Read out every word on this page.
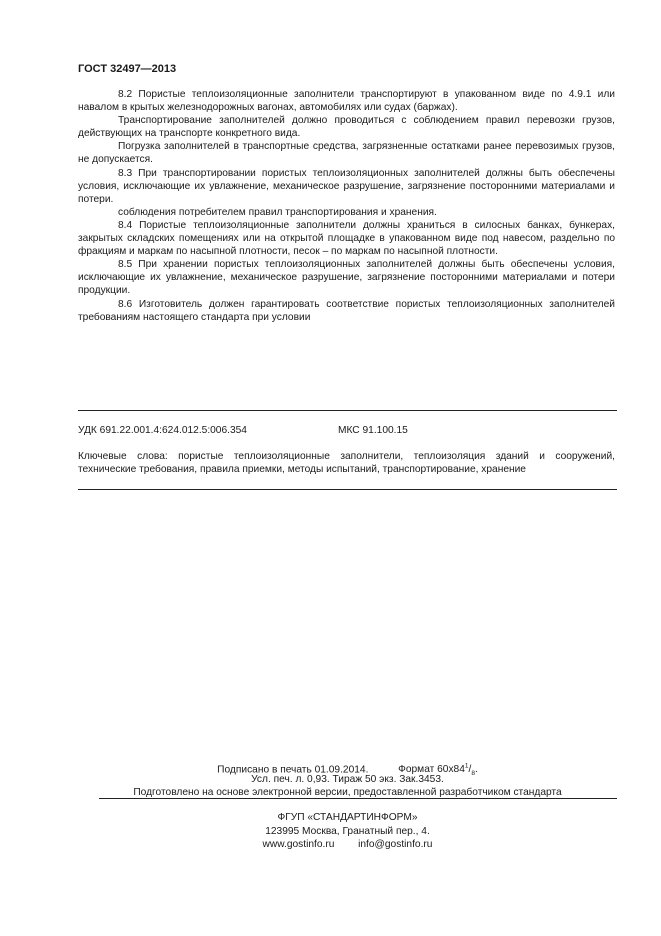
ГОСТ 32497—2013

8.2 Пористые теплоизоляционные заполнители транспортируют в упакованном виде по 4.9.1 или навалом в крытых железнодорожных вагонах, автомобилях или судах (баржах).

Транспортирование заполнителей должно проводиться с соблюдением правил перевозки грузов, действующих на транспорте конкретного вида.

Погрузка заполнителей в транспортные средства, загрязненные остатками ранее перевозимых грузов, не допускается.

8.3 При транспортировании пористых теплоизоляционных заполнителей должны быть обеспечены условия, исключающие их увлажнение, механическое разрушение, загрязнение посторонними материалами и потери.

соблюдения потребителем правил транспортирования и хранения.

8.4 Пористые теплоизоляционные заполнители должны храниться в силосных банках, бункерах, закрытых складских помещениях или на открытой площадке в упакованном виде под навесом, раздельно по фракциям и маркам по насыпной плотности, песок – по маркам по насыпной плотности.

8.5 При хранении пористых теплоизоляционных заполнителей должны быть обеспечены условия, исключающие их увлажнение, механическое разрушение, загрязнение посторонними материалами и потери продукции.

8.6 Изготовитель должен гарантировать соответствие пористых теплоизоляционных заполнителей требованиям настоящего стандарта при условии

УДК 691.22.001.4:624.012.5:006.354	МКС 91.100.15
Ключевые слова: пористые теплоизоляционные заполнители, теплоизоляция зданий и сооружений, технические требования, правила приемки, методы испытаний, транспортирование, хранение
Подписано в печать 01.09.2014.	Формат $60х84^1/_8$.
Усл. печ. л. 0,93. Тираж 50 экз. Зак.3453.
Подготовлено на основе электронной версии, предоставленной разработчиком стандарта
ФГУП «СТАНДАРТИНФОРМ»
123995 Москва, Гранатный пер., 4.
www.gostinfo.ru info@gostinfo.ru
